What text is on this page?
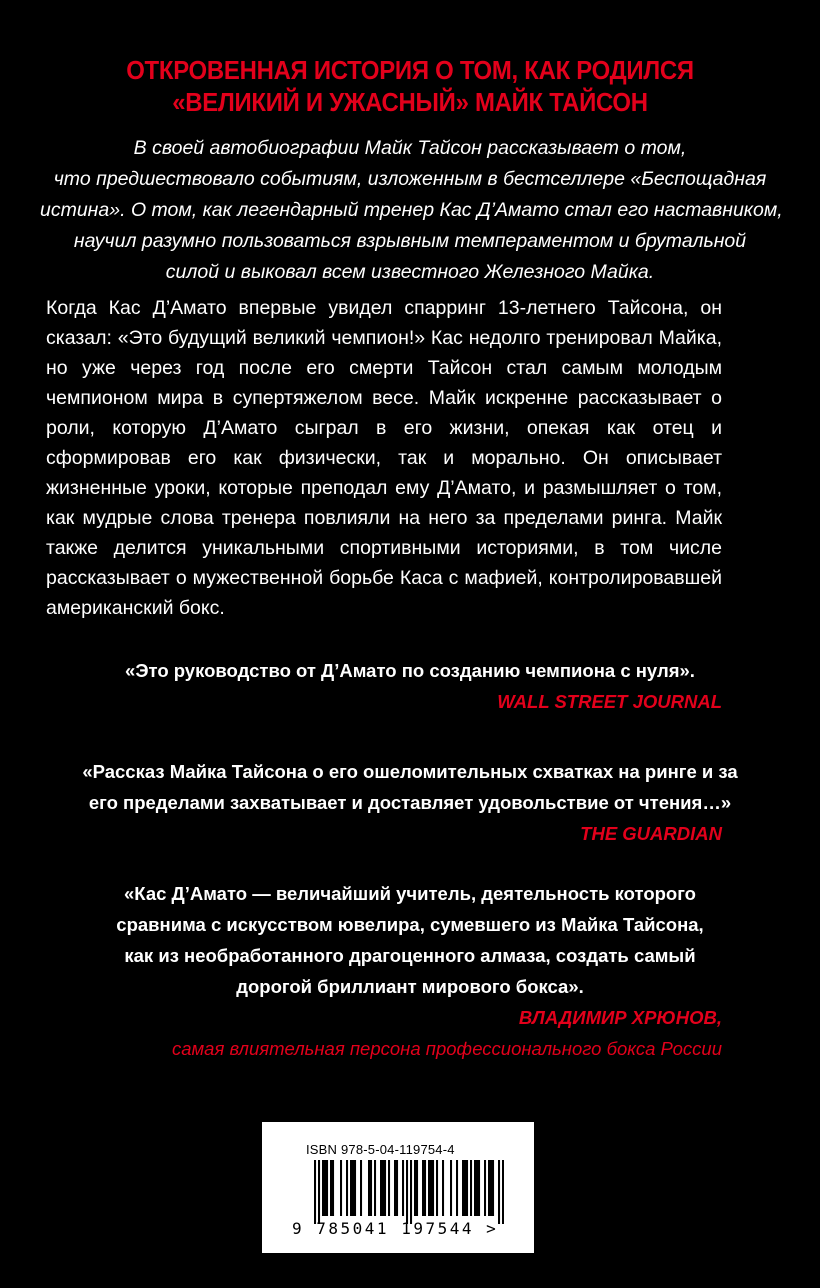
ОТКРОВЕННАЯ ИСТОРИЯ О ТОМ, КАК РОДИЛСЯ
«ВЕЛИКИЙ И УЖАСНЫЙ» МАЙК ТАЙСОН
В своей автобиографии Майк Тайсон рассказывает о том,
что предшествовало событиям, изложенным в бестселлере «Беспощадная
истина». О том, как легендарный тренер Кас Д’Амато стал его наставником,
научил разумно пользоваться взрывным темпераментом и брутальной
силой и выковал всем известного Железного Майка.
Когда Кас Д’Амато впервые увидел спарринг 13-летнего Тайсона, он сказал: «Это будущий великий чемпион!» Кас недолго тренировал Майка, но уже через год после его смерти Тайсон стал самым молодым чемпионом мира в супертяжелом весе. Майк искренне рассказывает о роли, которую Д’Амато сыграл в его жизни, опекая как отец и сформировав его как физически, так и морально. Он описывает жизненные уроки, которые преподал ему Д’Амато, и размышляет о том, как мудрые слова тренера повлияли на него за пределами ринга. Майк также делится уникальными спортивными историями, в том числе рассказывает о мужественной борьбе Каса с мафией, контролировавшей американский бокс.
«Это руководство от Д’Амато по созданию чемпиона с нуля».
WALL STREET JOURNAL
«Рассказ Майка Тайсона о его ошеломительных схватках на ринге и за
его пределами захватывает и доставляет удовольствие от чтения…»
THE GUARDIAN
«Кас Д’Амато — величайший учитель, деятельность которого
сравнима с искусством ювелира, сумевшего из Майка Тайсона,
как из необработанного драгоценного алмаза, создать самый
дорогой бриллиант мирового бокса».
ВЛАДИМИР ХРЮНОВ,
самая влиятельная персона профессионального бокса России
ISBN 978-5-04-119754-4
9 785041 197544 >
